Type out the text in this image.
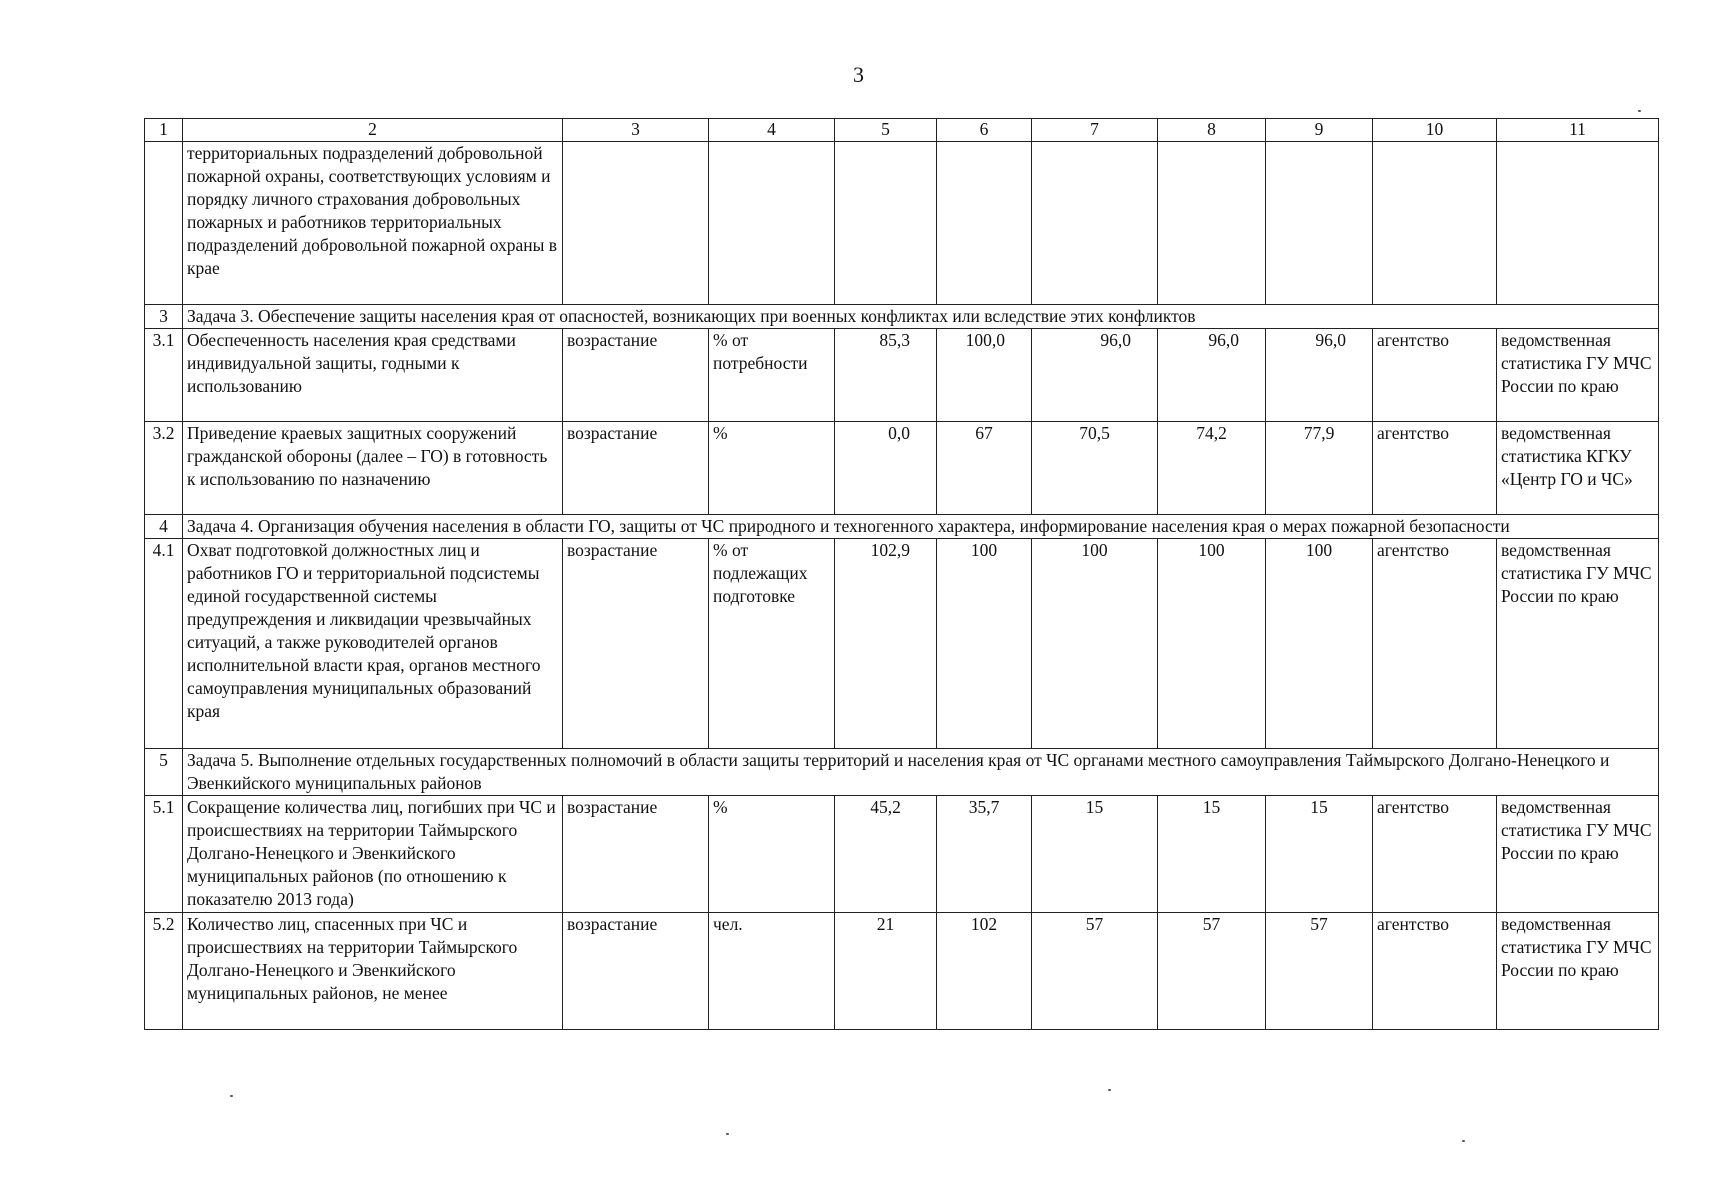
3
1	2	3	4	5	6	7	8	9	10	11
	территориальных подразделений добровольной пожарной охраны, соответствующих условиям и порядку личного страхования добровольных пожарных и работников территориальных подразделений добровольной пожарной охраны в крае									
3	Задача 3. Обеспечение защиты населения края от опасностей, возникающих при военных конфликтах или вследствие этих конфликтов									
3.1	Обеспеченность населения края средствами индивидуальной защиты, годными к использованию	возрастание	% от потребности	85,3	100,0	96,0	96,0	96,0	агентство	ведомственная статистика ГУ МЧС России по краю
3.2	Приведение краевых защитных сооружений гражданской обороны (далее – ГО) в готовность к использованию по назначению	возрастание	%	0,0	67	70,5	74,2	77,9	агентство	ведомственная статистика КГКУ «Центр ГО и ЧС»
4	Задача 4. Организация обучения населения в области ГО, защиты от ЧС природного и техногенного характера, информирование населения края о мерах пожарной безопасности									
4.1	Охват подготовкой должностных лиц и работников ГО и территориальной подсистемы единой государственной системы предупреждения и ликвидации чрезвычайных ситуаций, а также руководителей органов исполнительной власти края, органов местного самоуправления муниципальных образований края	возрастание	% от подлежащих подготовке	102,9	100	100	100	100	агентство	ведомственная статистика ГУ МЧС России по краю
5	Задача 5. Выполнение отдельных государственных полномочий в области защиты территорий и населения края от ЧС органами местного самоуправления Таймырского Долгано-Ненецкого и Эвенкийского муниципальных районов									
5.1	Сокращение количества лиц, погибших при ЧС и происшествиях на территории Таймырского Долгано-Ненецкого и Эвенкийского муниципальных районов (по отношению к показателю 2013 года)	возрастание	%	45,2	35,7	15	15	15	агентство	ведомственная статистика ГУ МЧС России по краю
5.2	Количество лиц, спасенных при ЧС и происшествиях на территории Таймырского Долгано-Ненецкого и Эвенкийского муниципальных районов, не менее	возрастание	чел.	21	102	57	57	57	агентство	ведомственная статистика ГУ МЧС России по краю
